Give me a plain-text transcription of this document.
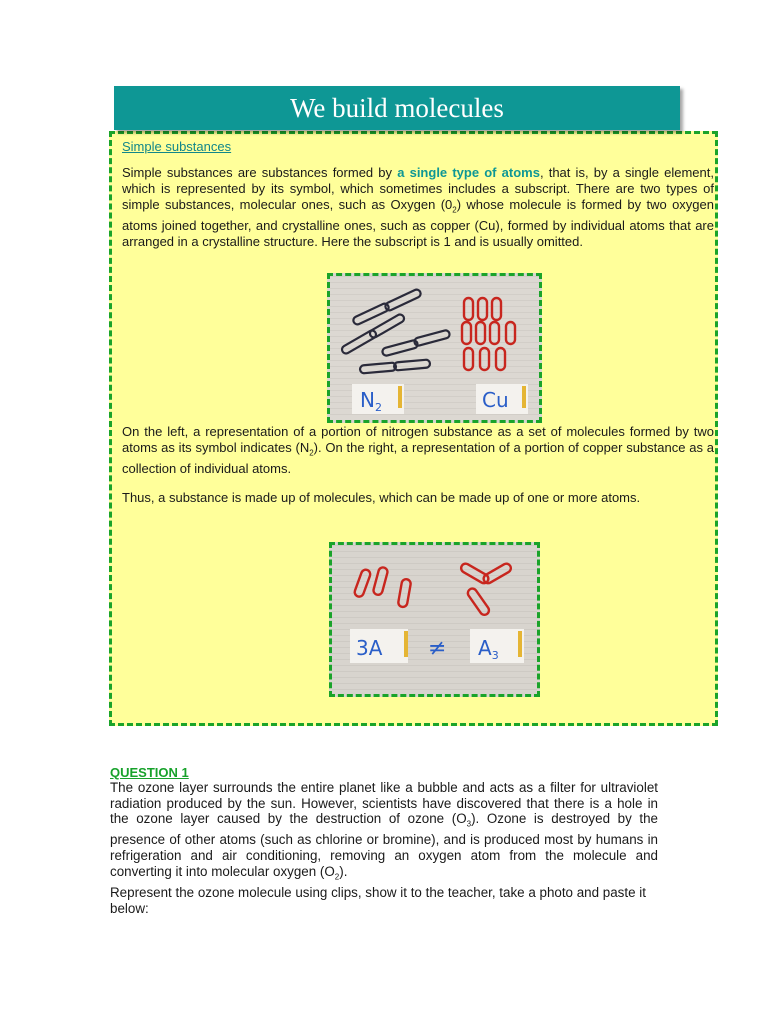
We build molecules
Simple substances

Simple substances are substances formed by a single type of atoms, that is, by a single element, which is represented by its symbol, which sometimes includes a subscript. There are two types of simple substances, molecular ones, such as Oxygen $(0_2)$ whose molecule is formed by two oxygen atoms joined together, and crystalline ones, such as copper (Cu), formed by individual atoms that are arranged in a crystalline structure. Here the subscript is 1 and is usually omitted.

$N_2$	Cu

On the left, a representation of a portion of nitrogen substance as a set of molecules formed by two atoms as its symbol indicates $(N_2)$. On the right, a representation of a portion of copper substance as a collection of individual atoms.

Thus, a substance is made up of molecules, which can be made up of one or more atoms.

$3A \ne A_3$
QUESTION 1

The ozone layer surrounds the entire planet like a bubble and acts as a filter for ultraviolet radiation produced by the sun. However, scientists have discovered that there is a hole in the ozone layer caused by the destruction of ozone $(O_3)$. Ozone is destroyed by the presence of other atoms (such as chlorine or bromine), and is produced most by humans in refrigeration and air conditioning, removing an oxygen atom from the molecule and converting it into molecular oxygen $(O_2)$.

Represent the ozone molecule using clips, show it to the teacher, take a photo and paste it below:
